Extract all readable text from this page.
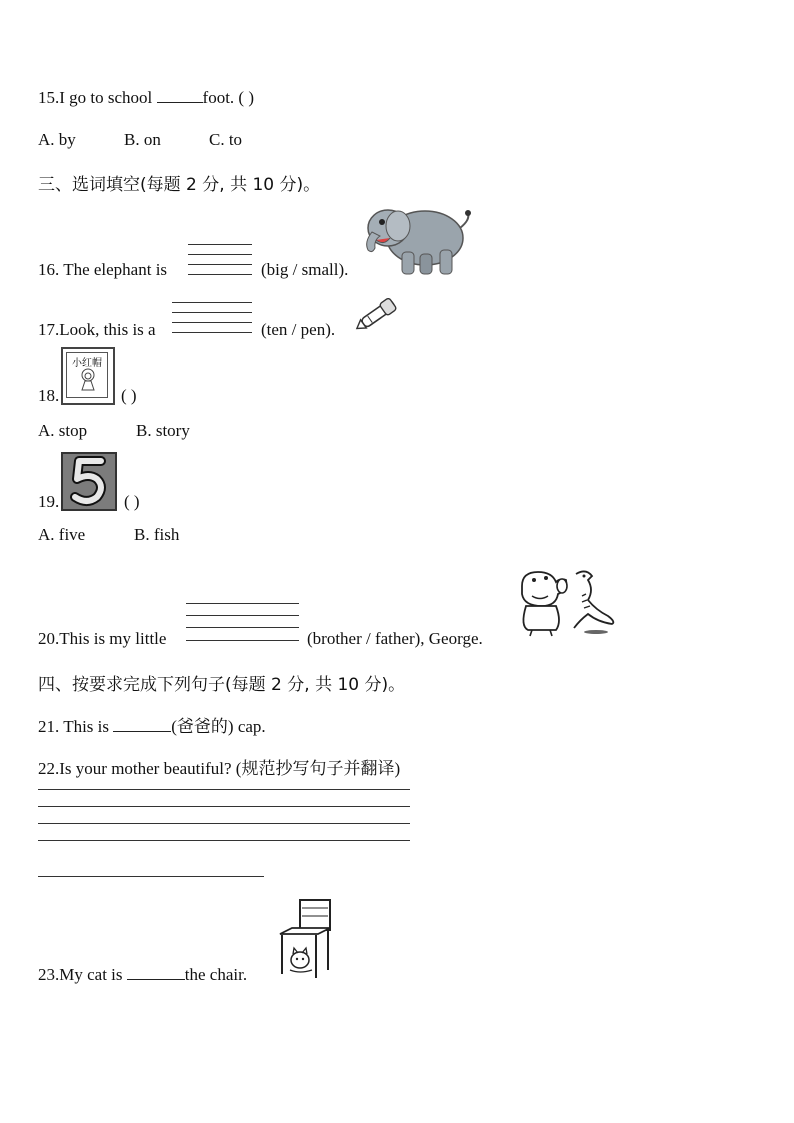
15.I go to school	foot. ( )
A. by	B. on	C. to
三、选词填空(每题 2 分, 共 10 分)。
16. The elephant is	(big / small).
17.Look, this is a	(ten / pen).
18.
小红帽
( )
A. stop	B. story
19.	( )
A. five	B. fish
20.This is my little	(brother / father), George.
四、按要求完成下列句子(每题 2 分, 共 10 分)。
21. This is	(爸爸的) cap.
22.Is your mother beautiful? (规范抄写句子并翻译)
23.My cat is	the chair.
